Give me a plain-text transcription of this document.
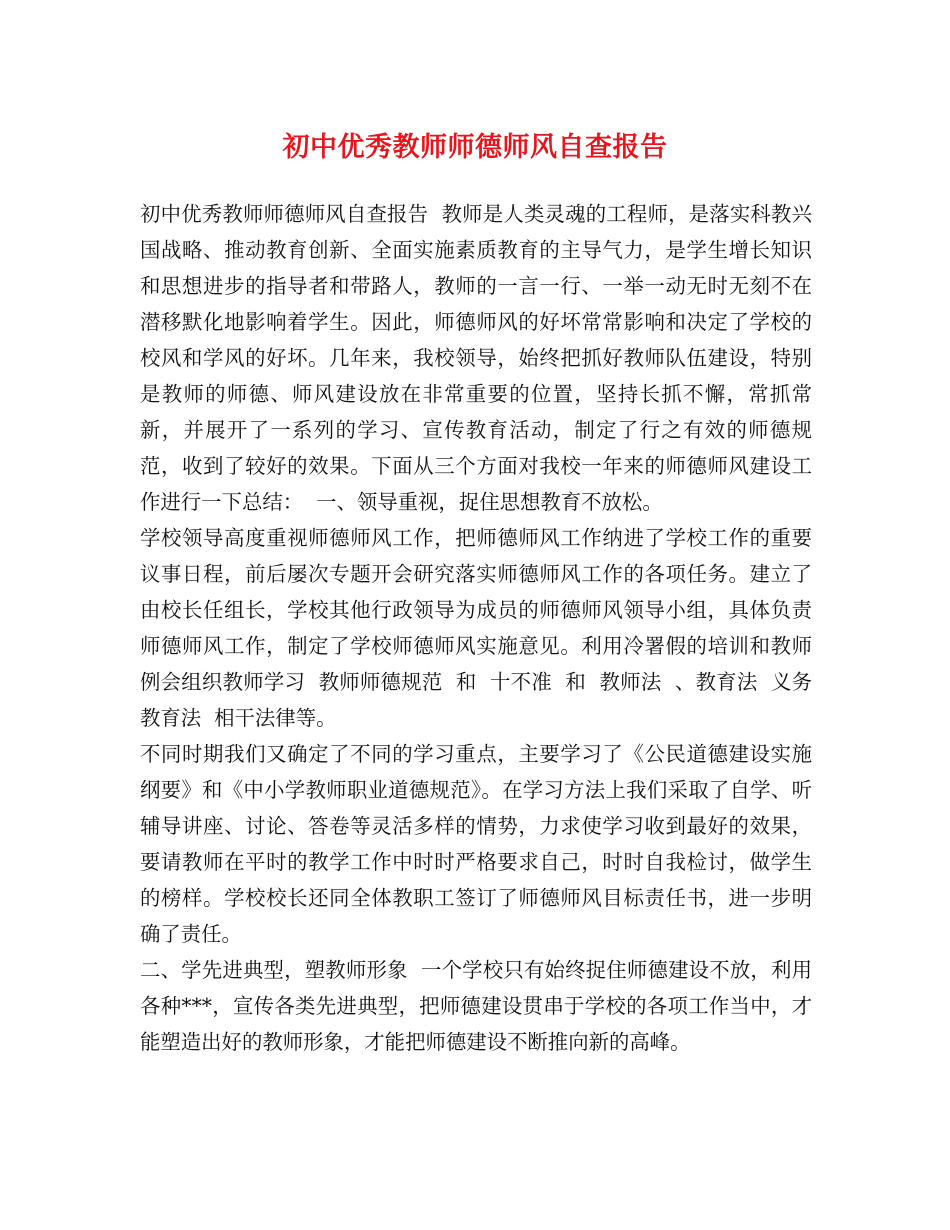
初中优秀教师师德师风自查报告

初中优秀教师师德师风自查报告  教师是人类灵魂的工程师，是落实科教兴国战略、推动教育创新、全面实施素质教育的主导气力，是学生增长知识和思想进步的指导者和带路人，教师的一言一行、一举一动无时无刻不在潜移默化地影响着学生。因此，师德师风的好坏常常影响和决定了学校的校风和学风的好坏。几年来，我校领导，始终把抓好教师队伍建设，特别是教师的师德、师风建设放在非常重要的位置，坚持长抓不懈，常抓常新，并展开了一系列的学习、宣传教育活动，制定了行之有效的师德规范，收到了较好的效果。下面从三个方面对我校一年来的师德师风建设工作进行一下总结：  一、领导重视，捉住思想教育不放松。

学校领导高度重视师德师风工作，把师德师风工作纳进了学校工作的重要议事日程，前后屡次专题开会研究落实师德师风工作的各项任务。建立了由校长任组长，学校其他行政领导为成员的师德师风领导小组，具体负责师德师风工作，制定了学校师德师风实施意见。利用冷署假的培训和教师例会组织教师学习  教师师德规范  和  十不准  和  教师法  、教育法  义务教育法  相干法律等。

不同时期我们又确定了不同的学习重点，主要学习了《公民道德建设实施纲要》和《中小学教师职业道德规范》。在学习方法上我们采取了自学、听辅导讲座、讨论、答卷等灵活多样的情势，力求使学习收到最好的效果，要请教师在平时的教学工作中时时严格要求自己，时时自我检讨，做学生的榜样。学校校长还同全体教职工签订了师德师风目标责任书，进一步明确了责任。

二、学先进典型，塑教师形象  一个学校只有始终捉住师德建设不放，利用各种***，宣传各类先进典型，把师德建设贯串于学校的各项工作当中，才能塑造出好的教师形象，才能把师德建设不断推向新的高峰。
